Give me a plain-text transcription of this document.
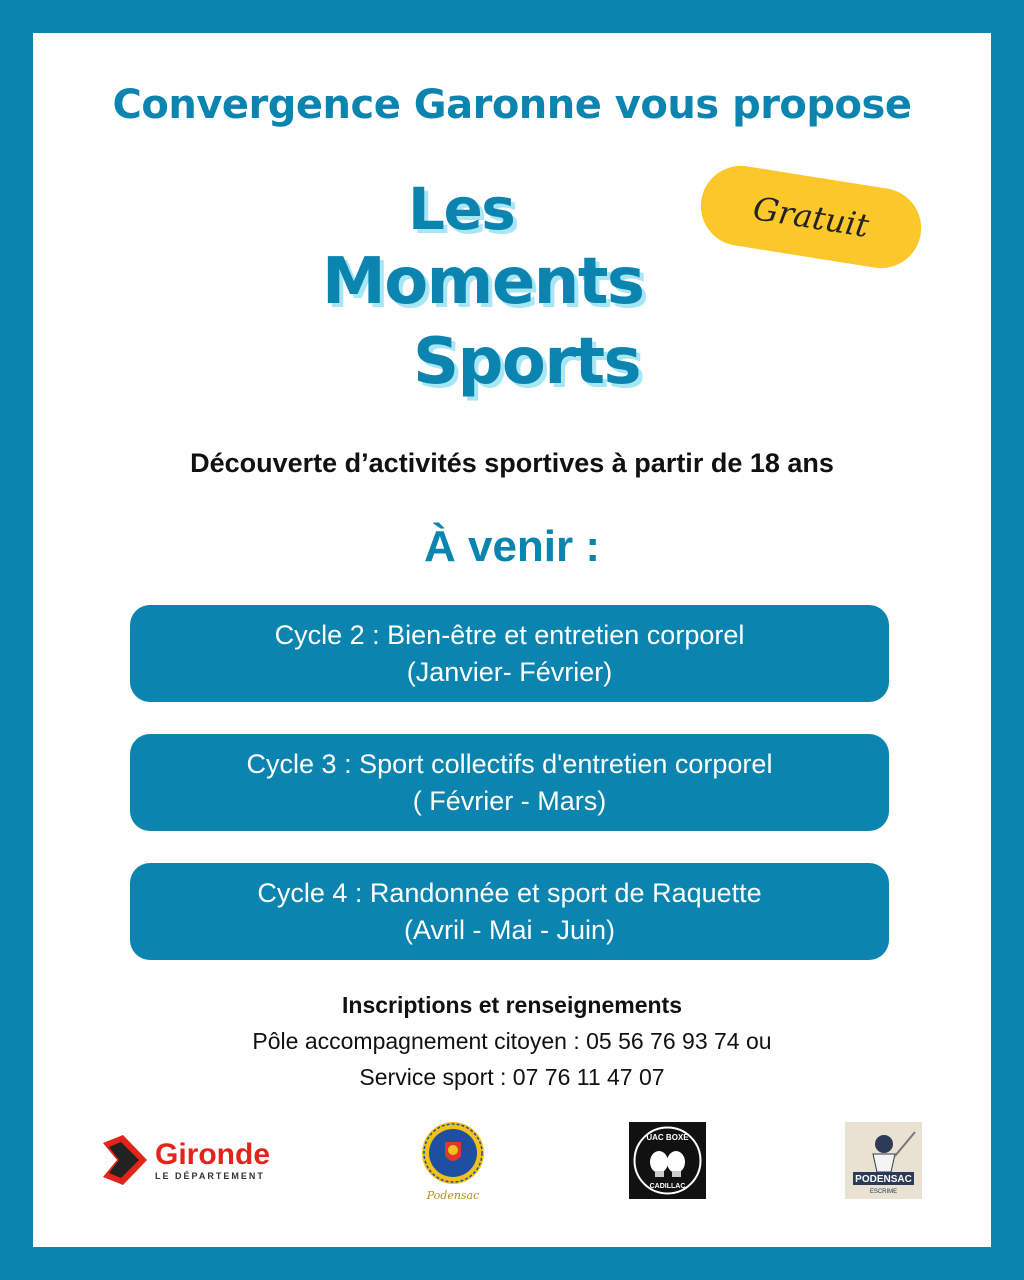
Convergence Garonne vous propose
Les
Moments
Sports
Gratuit
Découverte d’activités sportives à partir de 18 ans
À venir :
Cycle 2 : Bien-être et entretien corporel
(Janvier- Février)
Cycle 3 : Sport collectifs d'entretien corporel
( Février - Mars)
Cycle 4 : Randonnée et sport de Raquette
(Avril - Mai - Juin)
Inscriptions et renseignements
Pôle accompagnement citoyen : 05 56 76 93 74 ou
Service sport : 07 76 11 47 07
Gironde
LE DÉPARTEMENT
Podensac
UAC BOXE
CADILLAC
PODENSAC
ESCRIME
